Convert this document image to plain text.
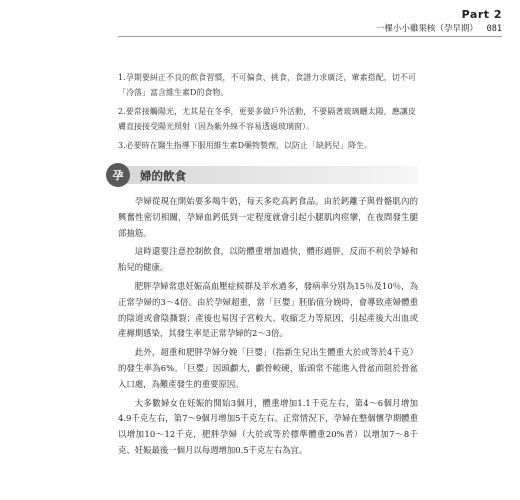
Part 2
一棵小小雞果核（孕早期） 081

1.孕期要糾正不良的飲食習慣，不可偏食、挑食，食譜力求廣泛，葷素搭配，切不可「冷落」富含維生素D的食物。

2.要常接觸陽光，尤其是在冬季，更要多做戶外活動，不要隔著玻璃曬太陽，應讓皮膚直接接受陽光照射（因為紫外線不容易透過玻璃窗）。

3.必要時在醫生指導下服用維生素D藥物製劑，以防止「缺鈣兒」降生。

孕	婦的飲食

孕婦從現在開始要多喝牛奶，每天多吃高鈣食品。由於鈣離子與骨骼肌內的興奮性密切相關，孕婦血鈣低到一定程度就會引起小腿肌肉痙攣，在夜間發生腿部抽筋。

這時還要注意控制飲食，以防體重增加過快，體形過胖，反而不利於孕婦和胎兒的健康。

肥胖孕婦常患妊娠高血壓症候群及羊水過多，發病率分別為15％及10％，為正常孕婦的3～4倍。由於孕婦超重，當「巨嬰」胚胎值分娩時，會導致產婦體重的陰道或會陰撕裂；產後也易因子宮較大、收縮乏力等原因，引起產後大出血或產褥期感染，其發生率是正常孕婦的2～3倍。

此外，超重和肥胖孕婦分娩「巨嬰」（指新生兒出生體重大於或等於4千克）的發生率為6%。「巨嬰」因頭顱大，顱骨較硬，胎頭常不能進入骨盆而阻於骨盆入口處，為難產發生的重要原因。

大多數婦女在妊娠的開始3個月，體重增加1.1千克左右，第4～6個月增加4.9千克左右，第7～9個月增加5千克左右。正常情況下，孕婦在整個懷孕期體重以增加10～12千克，肥胖孕婦（大於或等於標準體重20%者）以增加7～8千克、妊娠最後一個月以每週增加0.5千克左右為宜。
